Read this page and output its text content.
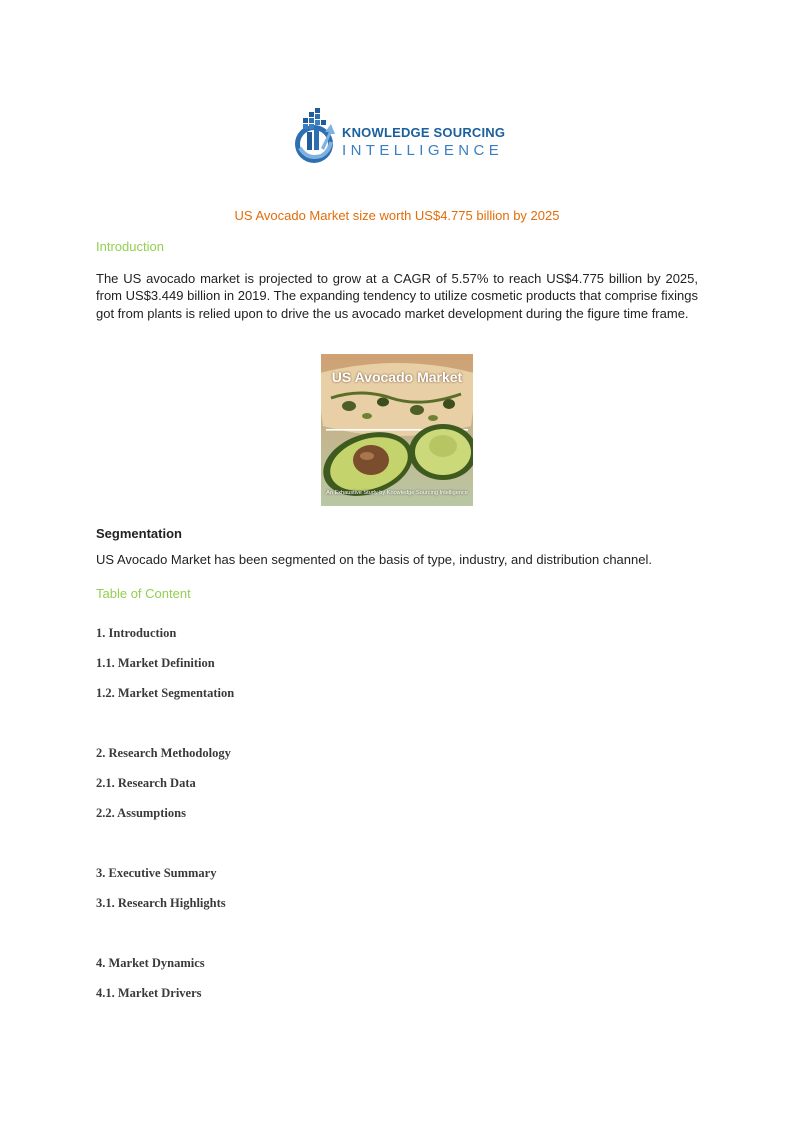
KNOWLEDGE SOURCING
INTELLIGENCE
US Avocado Market size worth US$4.775 billion by 2025
Introduction
The US avocado market is projected to grow at a CAGR of 5.57% to reach US$4.775 billion by 2025, from US$3.449 billion in 2019. The expanding tendency to utilize cosmetic products that comprise fixings got from plants is relied upon to drive the us avocado market development during the figure time frame.
US Avocado Market
An Exhaustive Study by Knowledge Sourcing Intelligence
Segmentation
US Avocado Market has been segmented on the basis of type, industry, and distribution channel.
Table of Content
1. Introduction
1.1. Market Definition
1.2. Market Segmentation
2. Research Methodology
2.1. Research Data
2.2. Assumptions
3. Executive Summary
3.1. Research Highlights
4. Market Dynamics
4.1. Market Drivers
